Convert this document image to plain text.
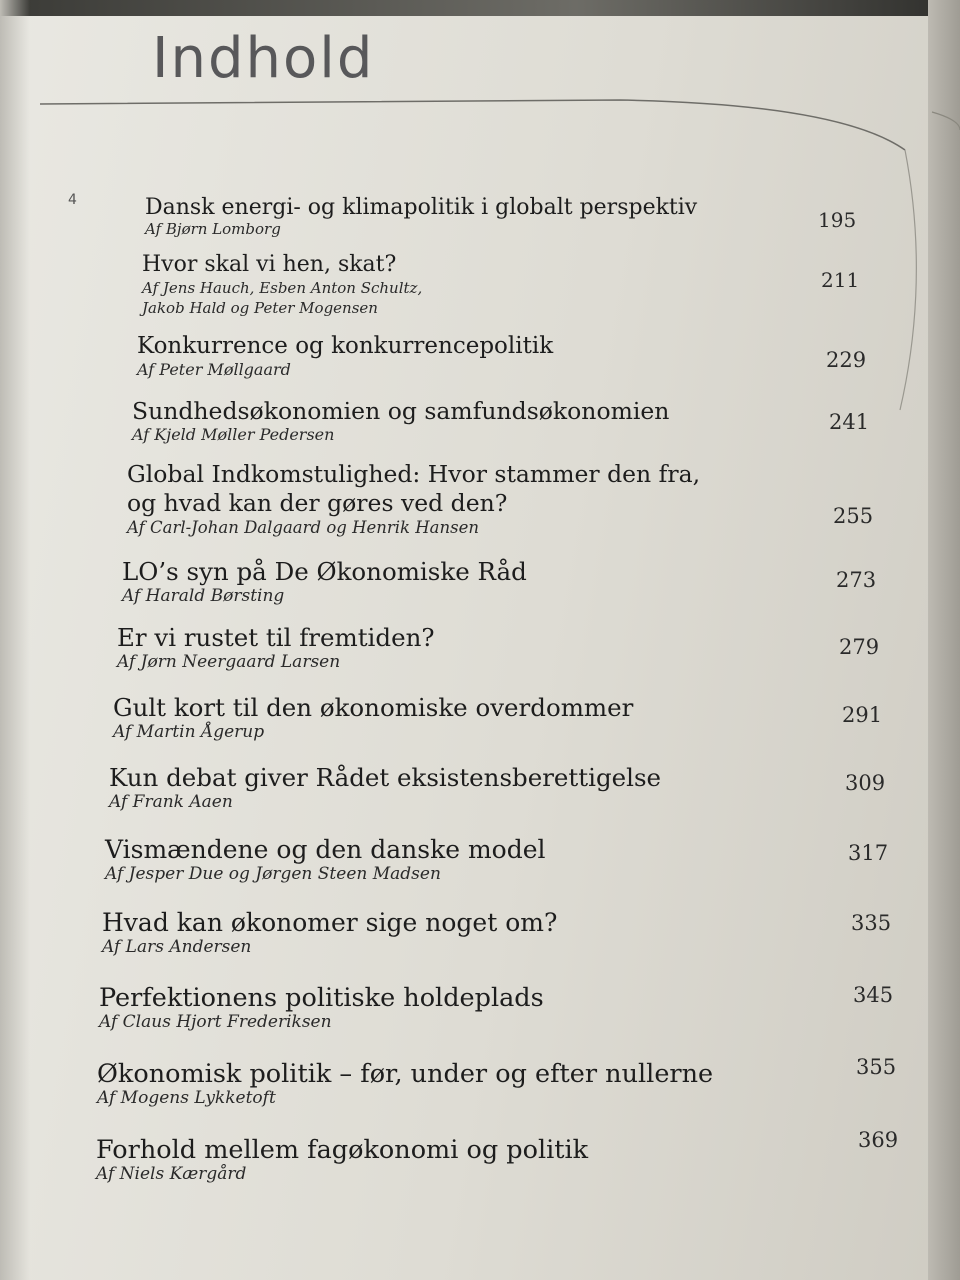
Indhold
4	Dansk energi- og klimapolitik i globalt perspektiv
Af Bjørn Lomborg
Hvor skal vi hen, skat?
Af Jens Hauch, Esben Anton Schultz,
Jakob Hald og Peter Mogensen
Konkurrence og konkurrencepolitik
Af Peter Møllgaard
Sundhedsøkonomien og samfundsøkonomien
Af Kjeld Møller Pedersen
Global Indkomstulighed: Hvor stammer den fra,
og hvad kan der gøres ved den?
Af Carl-Johan Dalgaard og Henrik Hansen
LO’s syn på De Økonomiske Råd
Af Harald Børsting
Er vi rustet til fremtiden?
Af Jørn Neergaard Larsen
Gult kort til den økonomiske overdommer
Af Martin Ågerup
Kun debat giver Rådet eksistensberettigelse
Af Frank Aaen
Vismændene og den danske model
Af Jesper Due og Jørgen Steen Madsen
Hvad kan økonomer sige noget om?
Af Lars Andersen
Perfektionens politiske holdeplads
Af Claus Hjort Frederiksen
Økonomisk politik – før, under og efter nullerne
Af Mogens Lykketoft
Forhold mellem fagøkonomi og politik
Af Niels Kærgård
195
211
229
241
255
273
279
291
309
317
335
345
355
369
